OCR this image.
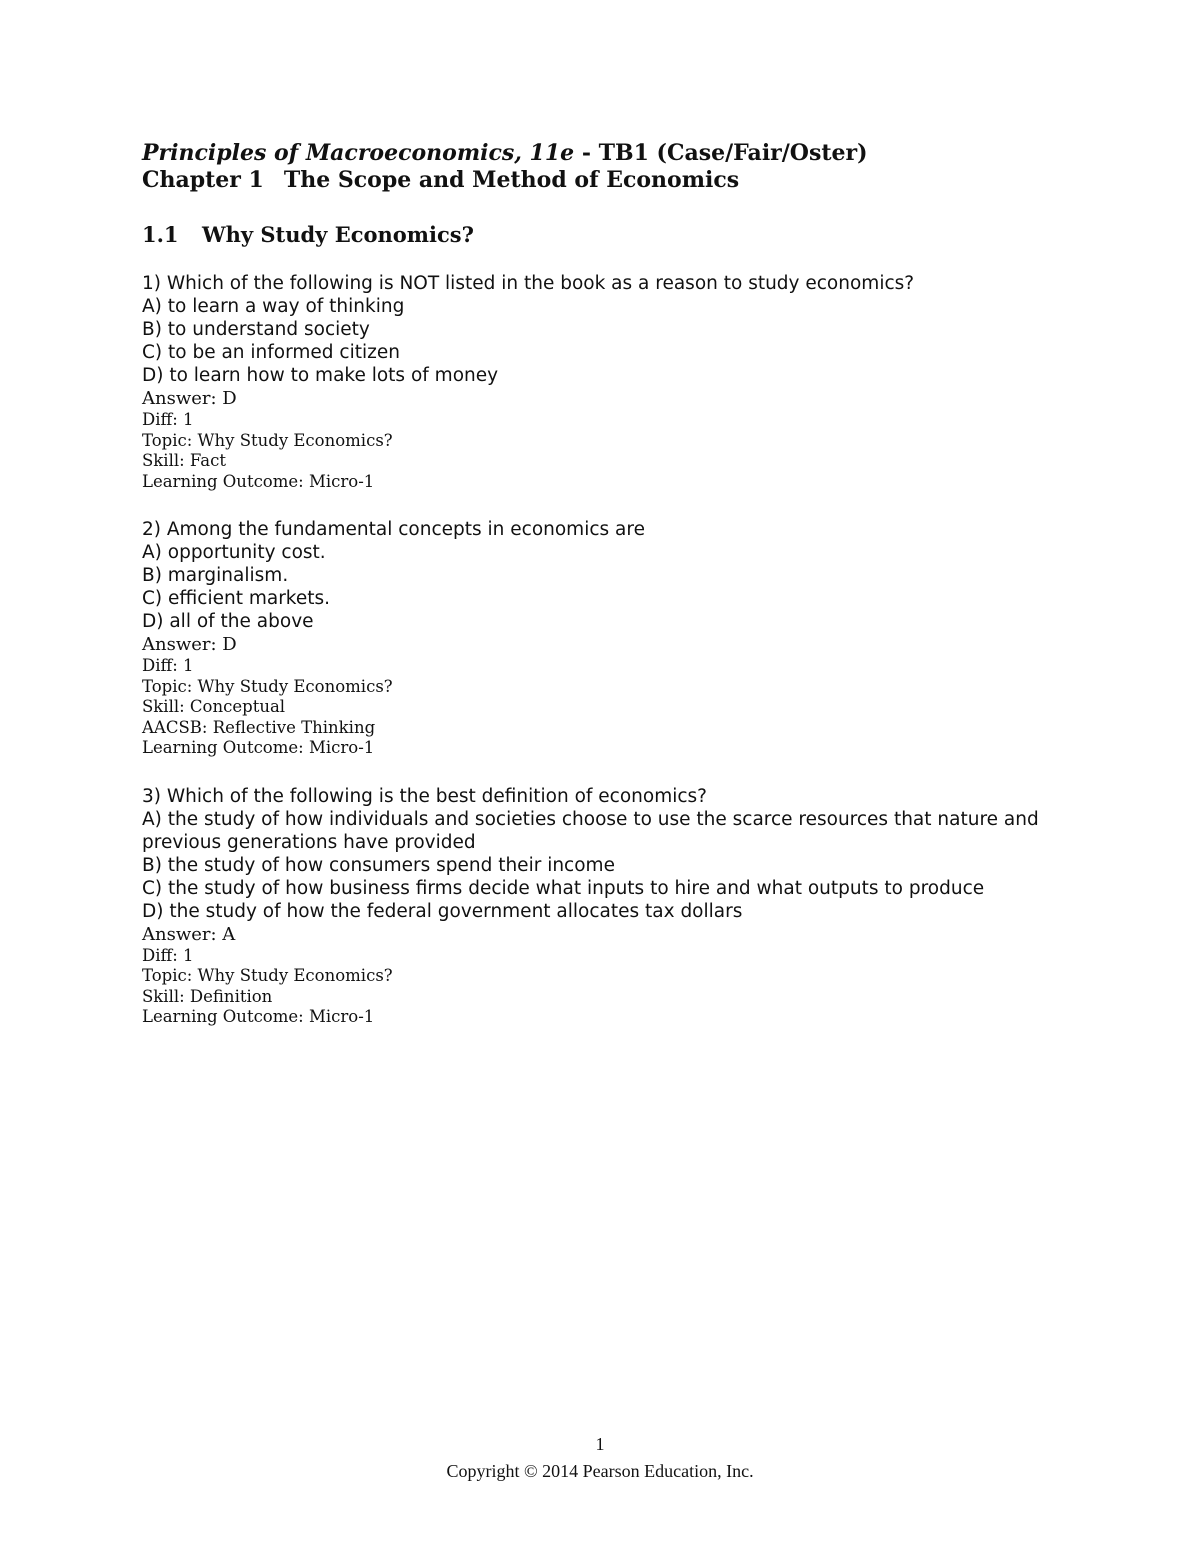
Principles of Macroeconomics, 11e - TB1 (Case/Fair/Oster)
Chapter 1 The Scope and Method of Economics
1.1 Why Study Economics?
1) Which of the following is NOT listed in the book as a reason to study economics?
A) to learn a way of thinking
B) to understand society
C) to be an informed citizen
D) to learn how to make lots of money
Answer: D
Diff: 1
Topic: Why Study Economics?
Skill: Fact
Learning Outcome: Micro-1
2) Among the fundamental concepts in economics are
A) opportunity cost.
B) marginalism.
C) efficient markets.
D) all of the above
Answer: D
Diff: 1
Topic: Why Study Economics?
Skill: Conceptual
AACSB: Reflective Thinking
Learning Outcome: Micro-1
3) Which of the following is the best definition of economics?
A) the study of how individuals and societies choose to use the scarce resources that nature and previous generations have provided
B) the study of how consumers spend their income
C) the study of how business firms decide what inputs to hire and what outputs to produce
D) the study of how the federal government allocates tax dollars
Answer: A
Diff: 1
Topic: Why Study Economics?
Skill: Definition
Learning Outcome: Micro-1
1
Copyright © 2014 Pearson Education, Inc.
